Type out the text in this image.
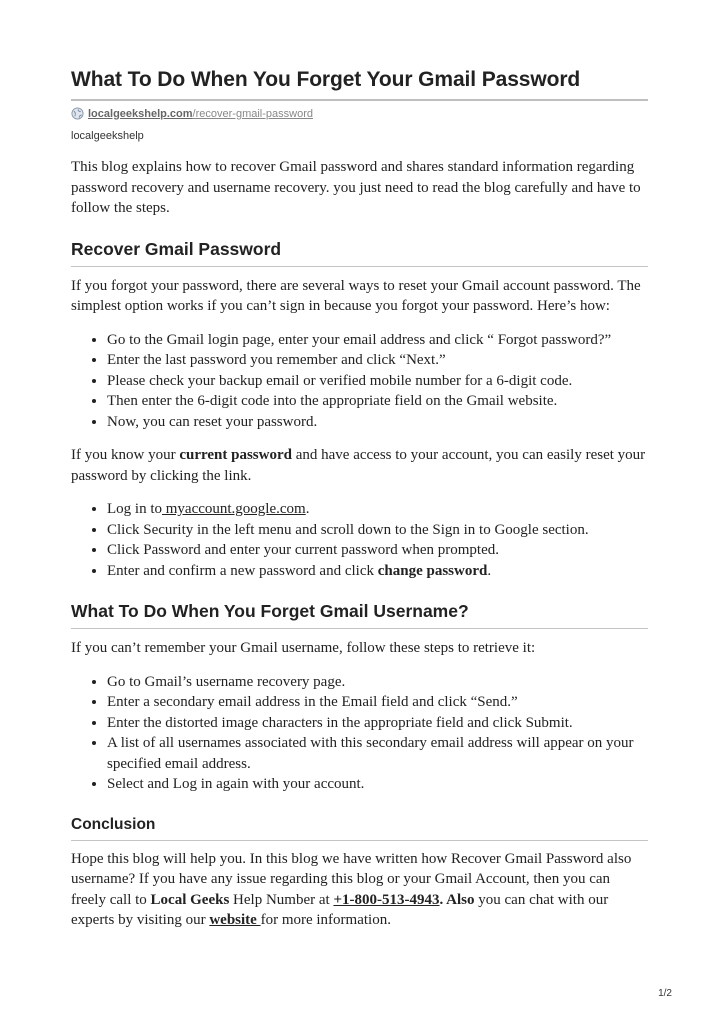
What To Do When You Forget Your Gmail Password
localgeekshelp.com /recover-gmail-password
localgeekshelp

This blog explains how to recover Gmail password and shares standard information regarding password recovery and username recovery. you just need to read the blog carefully and have to follow the steps.

Recover Gmail Password

If you forgot your password, there are several ways to reset your Gmail account password. The simplest option works if you can’t sign in because you forgot your password. Here’s how:

• Go to the Gmail login page, enter your email address and click “ Forgot password?”
• Enter the last password you remember and click “Next.”
• Please check your backup email or verified mobile number for a 6-digit code.
• Then enter the 6-digit code into the appropriate field on the Gmail website.
• Now, you can reset your password.

If you know your current password and have access to your account, you can easily reset your password by clicking the link.

• Log in to myaccount.google.com.
• Click Security in the left menu and scroll down to the Sign in to Google section.
• Click Password and enter your current password when prompted.
• Enter and confirm a new password and click change password.
What To Do When You Forget Gmail Username?

If you can’t remember your Gmail username, follow these steps to retrieve it:

• Go to Gmail’s username recovery page.
• Enter a secondary email address in the Email field and click “Send.”
• Enter the distorted image characters in the appropriate field and click Submit.
• A list of all usernames associated with this secondary email address will appear on your specified email address.
• Select and Log in again with your account.
Conclusion

Hope this blog will help you. In this blog we have written how Recover Gmail Password also username? If you have any issue regarding this blog or your Gmail Account, then you can freely call to Local Geeks Help Number at +1-800-513-4943. Also you can chat with our experts by visiting our website for more information.

1/2
